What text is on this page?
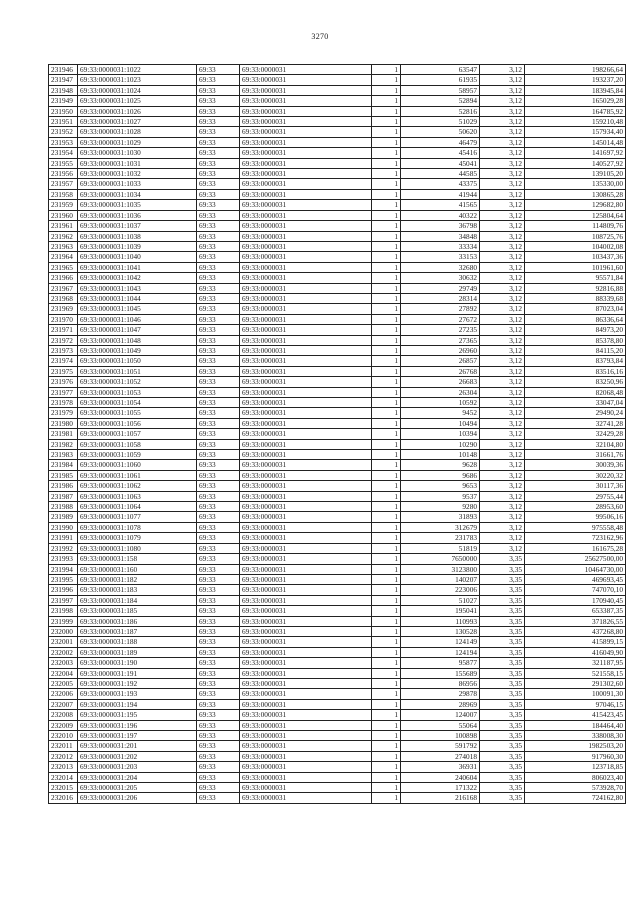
3270
231946	69:33:0000031:1022	69:33	69:33:0000031	1	63547	3,12	198266,64
231947	69:33:0000031:1023	69:33	69:33:0000031	1	61935	3,12	193237,20
231948	69:33:0000031:1024	69:33	69:33:0000031	1	58957	3,12	183945,84
231949	69:33:0000031:1025	69:33	69:33:0000031	1	52894	3,12	165029,28
231950	69:33:0000031:1026	69:33	69:33:0000031	1	52816	3,12	164785,92
231951	69:33:0000031:1027	69:33	69:33:0000031	1	51029	3,12	159210,48
231952	69:33:0000031:1028	69:33	69:33:0000031	1	50620	3,12	157934,40
231953	69:33:0000031:1029	69:33	69:33:0000031	1	46479	3,12	145014,48
231954	69:33:0000031:1030	69:33	69:33:0000031	1	45416	3,12	141697,92
231955	69:33:0000031:1031	69:33	69:33:0000031	1	45041	3,12	140527,92
231956	69:33:0000031:1032	69:33	69:33:0000031	1	44585	3,12	139105,20
231957	69:33:0000031:1033	69:33	69:33:0000031	1	43375	3,12	135330,00
231958	69:33:0000031:1034	69:33	69:33:0000031	1	41944	3,12	130865,28
231959	69:33:0000031:1035	69:33	69:33:0000031	1	41565	3,12	129682,80
231960	69:33:0000031:1036	69:33	69:33:0000031	1	40322	3,12	125804,64
231961	69:33:0000031:1037	69:33	69:33:0000031	1	36798	3,12	114809,76
231962	69:33:0000031:1038	69:33	69:33:0000031	1	34848	3,12	108725,76
231963	69:33:0000031:1039	69:33	69:33:0000031	1	33334	3,12	104002,08
231964	69:33:0000031:1040	69:33	69:33:0000031	1	33153	3,12	103437,36
231965	69:33:0000031:1041	69:33	69:33:0000031	1	32680	3,12	101961,60
231966	69:33:0000031:1042	69:33	69:33:0000031	1	30632	3,12	95571,84
231967	69:33:0000031:1043	69:33	69:33:0000031	1	29749	3,12	92816,88
231968	69:33:0000031:1044	69:33	69:33:0000031	1	28314	3,12	88339,68
231969	69:33:0000031:1045	69:33	69:33:0000031	1	27892	3,12	87023,04
231970	69:33:0000031:1046	69:33	69:33:0000031	1	27672	3,12	86336,64
231971	69:33:0000031:1047	69:33	69:33:0000031	1	27235	3,12	84973,20
231972	69:33:0000031:1048	69:33	69:33:0000031	1	27365	3,12	85378,80
231973	69:33:0000031:1049	69:33	69:33:0000031	1	26960	3,12	84115,20
231974	69:33:0000031:1050	69:33	69:33:0000031	1	26857	3,12	83793,84
231975	69:33:0000031:1051	69:33	69:33:0000031	1	26768	3,12	83516,16
231976	69:33:0000031:1052	69:33	69:33:0000031	1	26683	3,12	83250,96
231977	69:33:0000031:1053	69:33	69:33:0000031	1	26304	3,12	82068,48
231978	69:33:0000031:1054	69:33	69:33:0000031	1	10592	3,12	33047,04
231979	69:33:0000031:1055	69:33	69:33:0000031	1	9452	3,12	29490,24
231980	69:33:0000031:1056	69:33	69:33:0000031	1	10494	3,12	32741,28
231981	69:33:0000031:1057	69:33	69:33:0000031	1	10394	3,12	32429,28
231982	69:33:0000031:1058	69:33	69:33:0000031	1	10290	3,12	32104,80
231983	69:33:0000031:1059	69:33	69:33:0000031	1	10148	3,12	31661,76
231984	69:33:0000031:1060	69:33	69:33:0000031	1	9628	3,12	30039,36
231985	69:33:0000031:1061	69:33	69:33:0000031	1	9686	3,12	30220,32
231986	69:33:0000031:1062	69:33	69:33:0000031	1	9653	3,12	30117,36
231987	69:33:0000031:1063	69:33	69:33:0000031	1	9537	3,12	29755,44
231988	69:33:0000031:1064	69:33	69:33:0000031	1	9280	3,12	28953,60
231989	69:33:0000031:1077	69:33	69:33:0000031	1	31893	3,12	99506,16
231990	69:33:0000031:1078	69:33	69:33:0000031	1	312679	3,12	975558,48
231991	69:33:0000031:1079	69:33	69:33:0000031	1	231783	3,12	723162,96
231992	69:33:0000031:1080	69:33	69:33:0000031	1	51819	3,12	161675,28
231993	69:33:0000031:158	69:33	69:33:0000031	1	7650000	3,35	25627500,00
231994	69:33:0000031:160	69:33	69:33:0000031	1	3123800	3,35	10464730,00
231995	69:33:0000031:182	69:33	69:33:0000031	1	140207	3,35	469693,45
231996	69:33:0000031:183	69:33	69:33:0000031	1	223006	3,35	747070,10
231997	69:33:0000031:184	69:33	69:33:0000031	1	51027	3,35	170940,45
231998	69:33:0000031:185	69:33	69:33:0000031	1	195041	3,35	653387,35
231999	69:33:0000031:186	69:33	69:33:0000031	1	110993	3,35	371826,55
232000	69:33:0000031:187	69:33	69:33:0000031	1	130528	3,35	437268,80
232001	69:33:0000031:188	69:33	69:33:0000031	1	124149	3,35	415899,15
232002	69:33:0000031:189	69:33	69:33:0000031	1	124194	3,35	416049,90
232003	69:33:0000031:190	69:33	69:33:0000031	1	95877	3,35	321187,95
232004	69:33:0000031:191	69:33	69:33:0000031	1	155689	3,35	521558,15
232005	69:33:0000031:192	69:33	69:33:0000031	1	86956	3,35	291302,60
232006	69:33:0000031:193	69:33	69:33:0000031	1	29878	3,35	100091,30
232007	69:33:0000031:194	69:33	69:33:0000031	1	28969	3,35	97046,15
232008	69:33:0000031:195	69:33	69:33:0000031	1	124007	3,35	415423,45
232009	69:33:0000031:196	69:33	69:33:0000031	1	55064	3,35	184464,40
232010	69:33:0000031:197	69:33	69:33:0000031	1	100898	3,35	338008,30
232011	69:33:0000031:201	69:33	69:33:0000031	1	591792	3,35	1982503,20
232012	69:33:0000031:202	69:33	69:33:0000031	1	274018	3,35	917960,30
232013	69:33:0000031:203	69:33	69:33:0000031	1	36931	3,35	123718,85
232014	69:33:0000031:204	69:33	69:33:0000031	1	240604	3,35	806023,40
232015	69:33:0000031:205	69:33	69:33:0000031	1	171322	3,35	573928,70
232016	69:33:0000031:206	69:33	69:33:0000031	1	216168	3,35	724162,80
